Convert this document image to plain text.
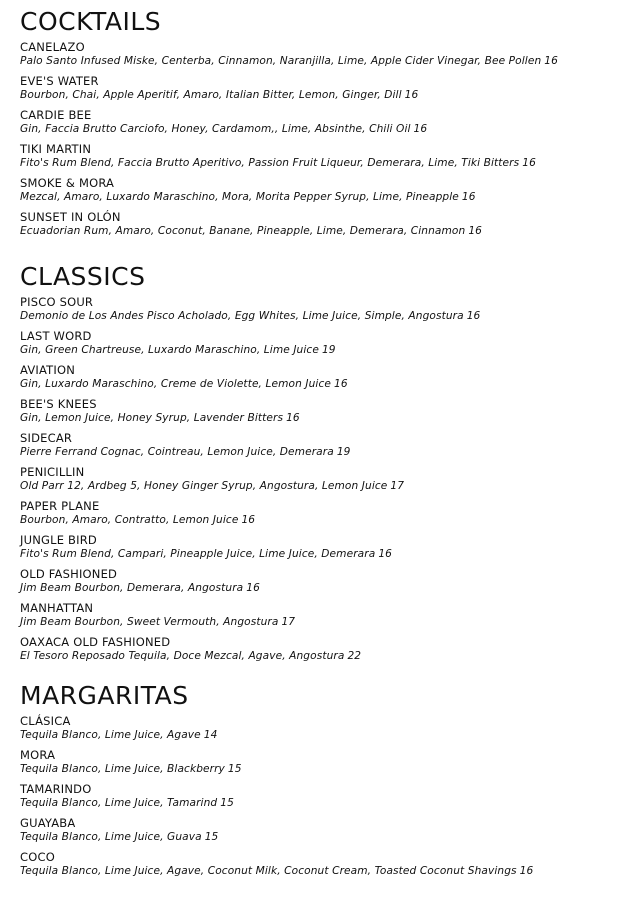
COCKTAILS
CANELAZO
Palo Santo Infused Miske, Centerba, Cinnamon, Naranjilla, Lime, Apple Cider Vinegar, Bee Pollen 16
EVE'S WATER
Bourbon, Chai, Apple Aperitif, Amaro, Italian Bitter, Lemon, Ginger, Dill 16
CARDIE BEE
Gin, Faccia Brutto Carciofo, Honey, Cardamom,, Lime, Absinthe, Chili Oil 16
TIKI MARTIN
Fito's Rum Blend, Faccia Brutto Aperitivo, Passion Fruit Liqueur, Demerara, Lime, Tiki Bitters 16
SMOKE & MORA
Mezcal, Amaro, Luxardo Maraschino, Mora, Morita Pepper Syrup, Lime, Pineapple 16
SUNSET IN OLÓN
Ecuadorian Rum, Amaro, Coconut, Banane, Pineapple, Lime, Demerara, Cinnamon 16
CLASSICS
PISCO SOUR
Demonio de Los Andes Pisco Acholado, Egg Whites, Lime Juice, Simple, Angostura 16
LAST WORD
Gin, Green Chartreuse, Luxardo Maraschino, Lime Juice 19
AVIATION
Gin, Luxardo Maraschino, Creme de Violette, Lemon Juice 16
BEE'S KNEES
Gin, Lemon Juice, Honey Syrup, Lavender Bitters 16
SIDECAR
Pierre Ferrand Cognac, Cointreau, Lemon Juice, Demerara 19
PENICILLIN
Old Parr 12, Ardbeg 5, Honey Ginger Syrup, Angostura, Lemon Juice 17
PAPER PLANE
Bourbon, Amaro, Contratto, Lemon Juice 16
JUNGLE BIRD
Fito's Rum Blend, Campari, Pineapple Juice, Lime Juice, Demerara 16
OLD FASHIONED
Jim Beam Bourbon, Demerara, Angostura 16
MANHATTAN
Jim Beam Bourbon, Sweet Vermouth, Angostura 17
OAXACA OLD FASHIONED
El Tesoro Reposado Tequila, Doce Mezcal, Agave, Angostura 22
MARGARITAS
CLÁSICA
Tequila Blanco, Lime Juice, Agave 14
MORA
Tequila Blanco, Lime Juice, Blackberry 15
TAMARINDO
Tequila Blanco, Lime Juice, Tamarind 15
GUAYABA
Tequila Blanco, Lime Juice, Guava 15
COCO
Tequila Blanco, Lime Juice, Agave, Coconut Milk, Coconut Cream, Toasted Coconut Shavings 16
